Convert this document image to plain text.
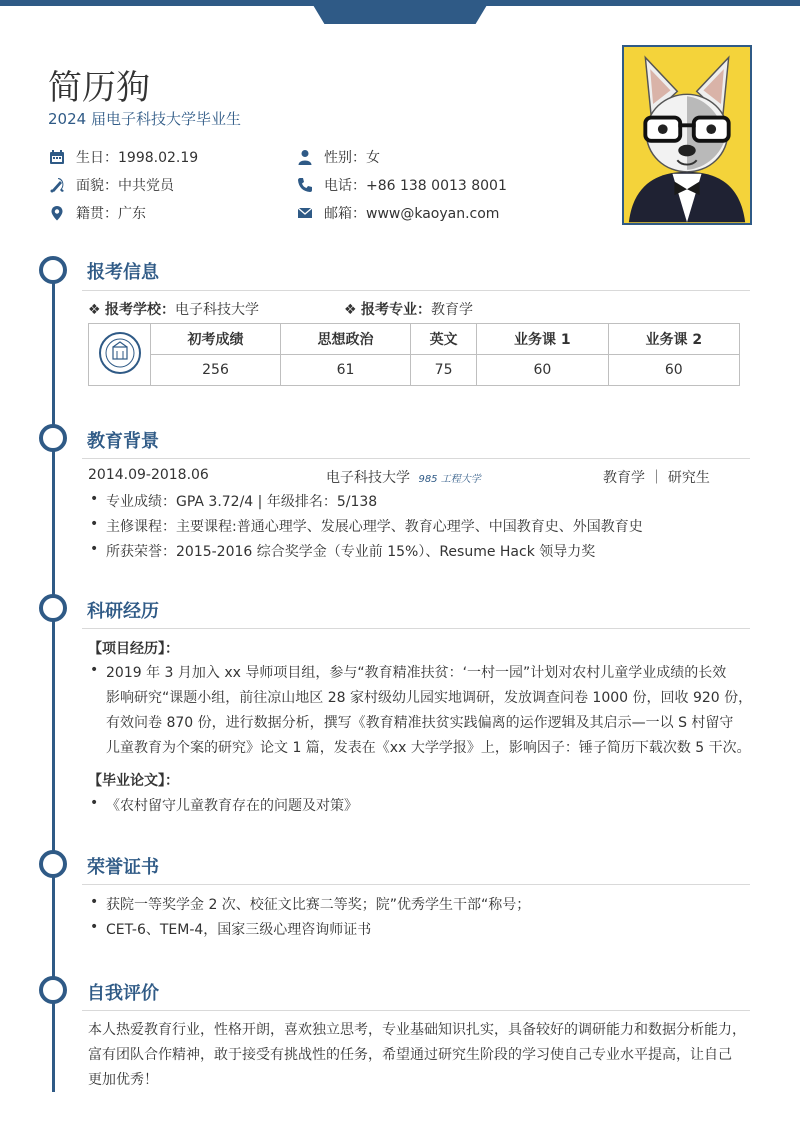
简历狗
2024 届电子科技大学毕业生
生日：1998.02.19	性别：女
面貌：中共党员	电话：+86 138 0013 8001
籍贯：广东	邮箱：www@kaoyan.com
报考信息
❖ 报考学校：电子科技大学	❖ 报考专业：教育学
	初考成绩	思想政治	英文	业务课 1	业务课 2
	256	61	75	60	60
教育背景
2014.09-2018.06	电子科技大学 985 工程大学	教育学 ｜ 研究生
• 专业成绩：GPA 3.72/4 | 年级排名：5/138
• 主修课程：主要课程:普通心理学、发展心理学、教育心理学、中国教育史、外国教育史
• 所获荣誉：2015-2016 综合奖学金（专业前 15%）、Resume Hack 领导力奖
科研经历
【项目经历】：
• 2019 年 3 月加入 xx 导师项目组，参与“教育精准扶贫：‘一村一园”计划对农村儿童学业成绩的长效
影响研究“课题小组，前往凉山地区 28 家村级幼儿园实地调研，发放调查问卷 1000 份，回收 920 份，
有效问卷 870 份，进行数据分析，撰写《教育精准扶贫实践偏离的运作逻辑及其启示—一以 S 村留守
儿童教育为个案的研究》论文 1 篇，发表在《xx 大学学报》上，影响因子：锤子简历下载次数 5 干次。
【毕业论文】：
• 《农村留守儿童教育存在的问题及对策》
荣誉证书
• 获院一等奖学金 2 次、校征文比赛二等奖；院”优秀学生干部“称号；
• CET-6、TEM-4，国家三级心理咨询师证书
自我评价
本人热爱教育行业，性格开朗，喜欢独立思考，专业基础知识扎实，具备较好的调研能力和数据分析能力，
富有团队合作精神，敢于接受有挑战性的任务，希望通过研究生阶段的学习使自己专业水平提高，让自己
更加优秀！
